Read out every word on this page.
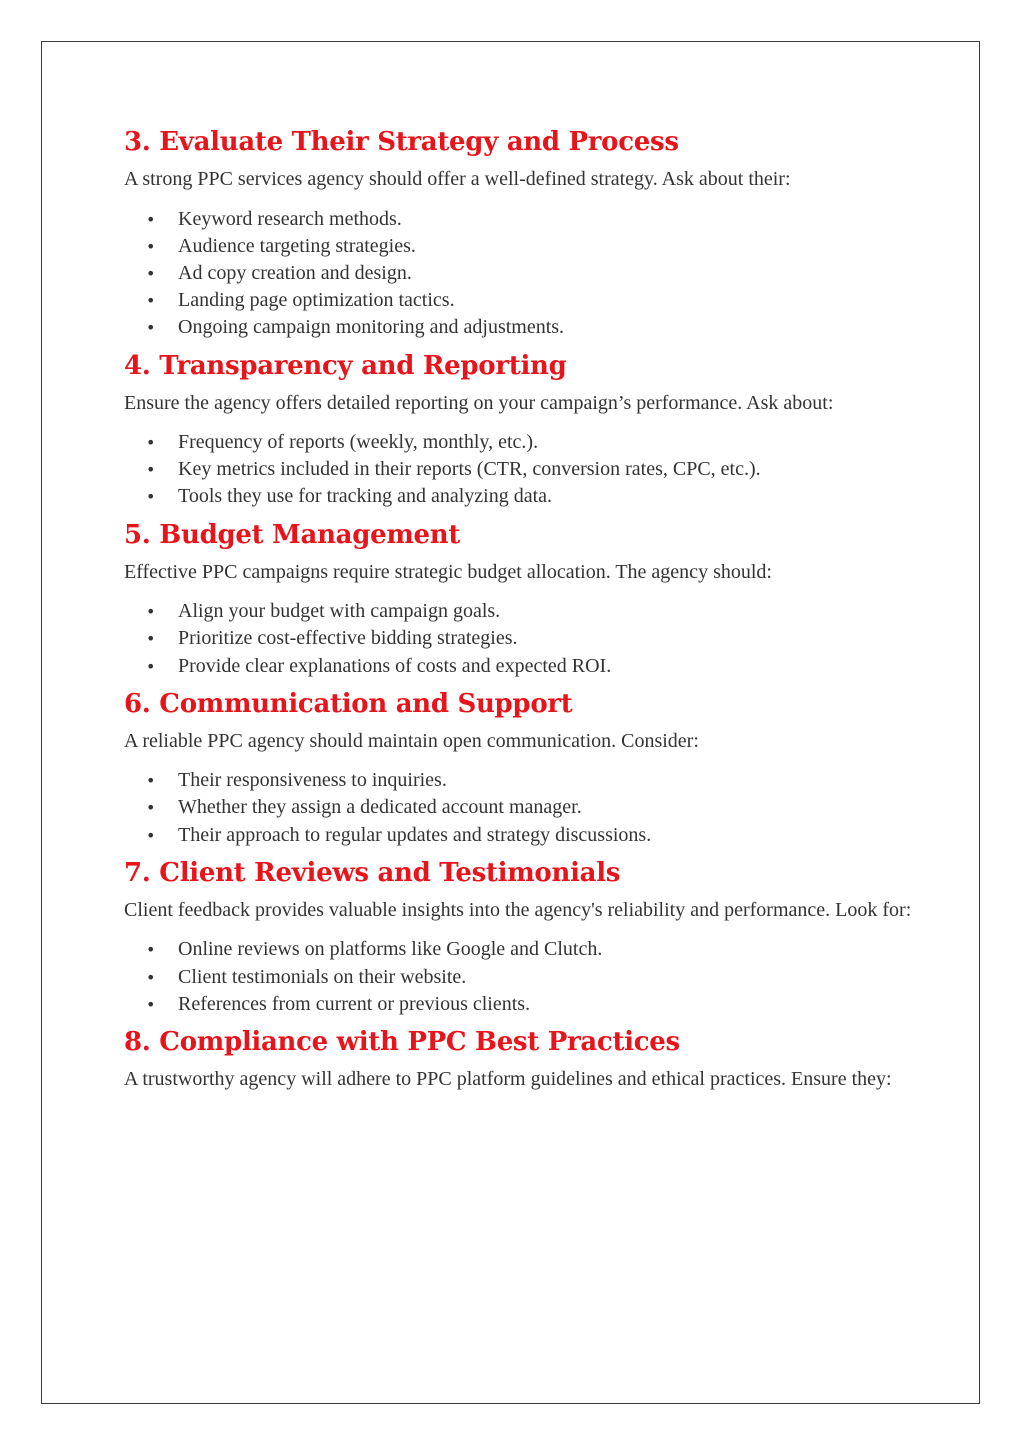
3. Evaluate Their Strategy and Process

A strong PPC services agency should offer a well-defined strategy. Ask about their:

• Keyword research methods.
• Audience targeting strategies.
• Ad copy creation and design.
• Landing page optimization tactics.
• Ongoing campaign monitoring and adjustments.
4. Transparency and Reporting

Ensure the agency offers detailed reporting on your campaign’s performance. Ask about:

• Frequency of reports (weekly, monthly, etc.).
• Key metrics included in their reports (CTR, conversion rates, CPC, etc.).
• Tools they use for tracking and analyzing data.
5. Budget Management

Effective PPC campaigns require strategic budget allocation. The agency should:

• Align your budget with campaign goals.
• Prioritize cost-effective bidding strategies.
• Provide clear explanations of costs and expected ROI.
6. Communication and Support

A reliable PPC agency should maintain open communication. Consider:

• Their responsiveness to inquiries.
• Whether they assign a dedicated account manager.
• Their approach to regular updates and strategy discussions.
7. Client Reviews and Testimonials

Client feedback provides valuable insights into the agency's reliability and performance. Look for:

• Online reviews on platforms like Google and Clutch.
• Client testimonials on their website.
• References from current or previous clients.
8. Compliance with PPC Best Practices

A trustworthy agency will adhere to PPC platform guidelines and ethical practices. Ensure they:
